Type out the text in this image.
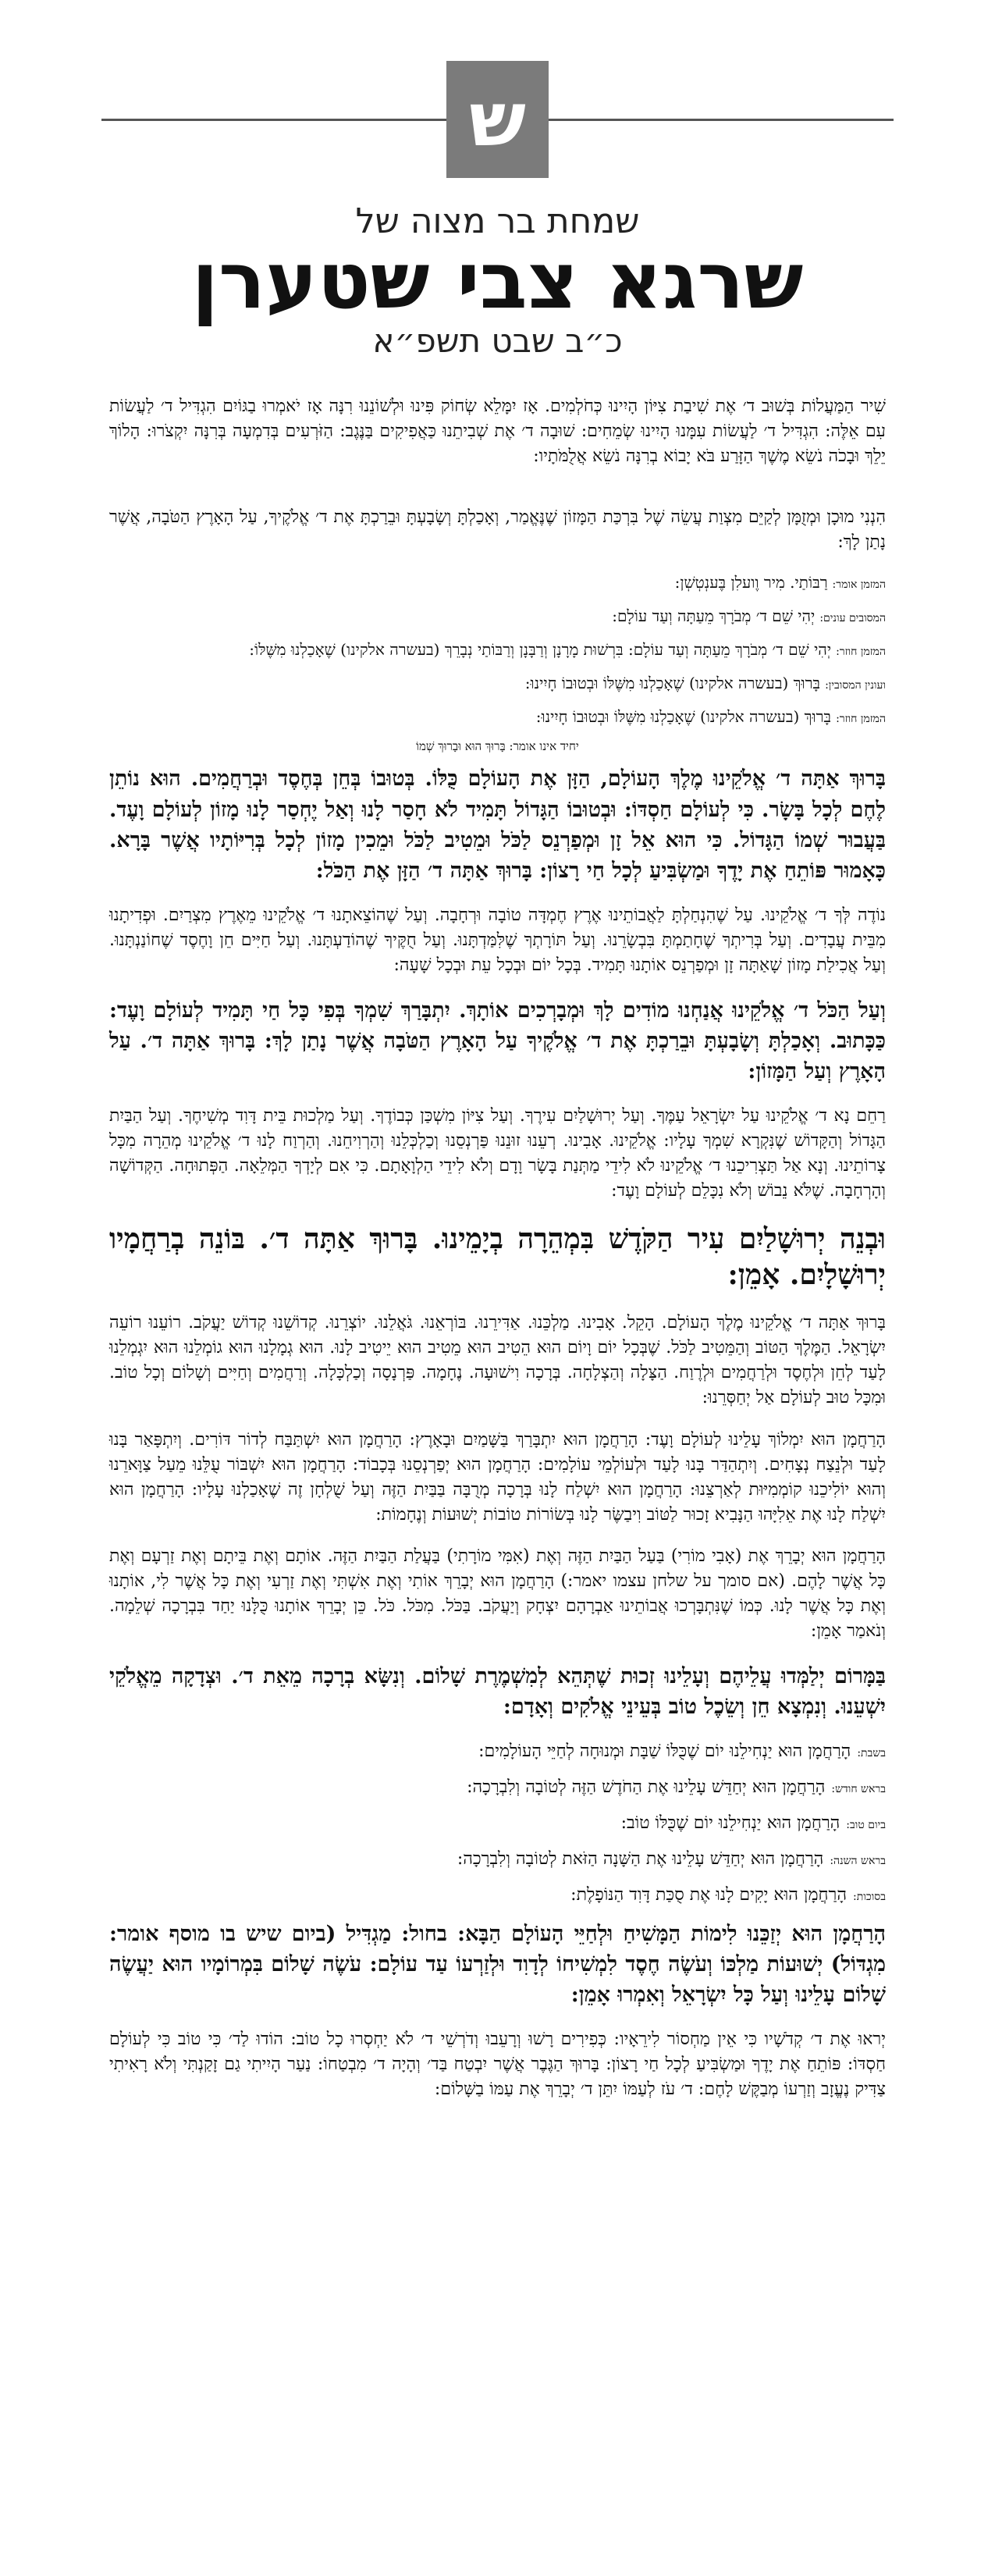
ש
שמחת בר מצוה של
שרגא צבי שטערן
כ״ב שבט תשפ״א

שִׁיר הַמַּעֲלוֹת בְּשׁוּב ד׳ אֶת שִׁיבַת צִיּוֹן הָיִינוּ כְּחֹלְמִים. אָז יִמָּלֵא שְׂחוֹק פִּינוּ וּלְשׁוֹנֵנוּ רִנָּה אָז יֹאמְרוּ בַגּוֹיִם הִגְדִּיל ד׳ לַעֲשׂוֹת עִם אֵלֶּה: הִגְדִּיל ד׳ לַעֲשׂוֹת עִמָּנוּ הָיִינוּ שְׂמֵחִים: שׁוּבָה ד׳ אֶת שְׁבִיתֵנוּ כַּאֲפִיקִים בַּנֶּגֶב: הַזֹּרְעִים בְּדִמְעָה בְּרִנָּה יִקְצֹרוּ: הָלוֹךְ יֵלֵךְ וּבָכֹה נֹשֵׂא מֶשֶׁךְ הַזָּרַע בֹּא יָבוֹא בְרִנָּה נֹשֵׂא אֲלֻמֹּתָיו:

הִנְנִי מוּכָן וּמְזֻמָּן לְקַיֵּם מִצְוַת עֲשֵׂה שֶׁל בִּרְכַּת הַמָּזוֹן שֶׁנֶּאֱמַר, וְאָכַלְתָּ וְשָׂבָעְתָּ וּבֵרַכְתָּ אֶת ד׳ אֱלֹקֶיךָ, עַל הָאָרֶץ הַטֹּבָה, אֲשֶׁר נָתַן לָךְ:

המזמן אומר:רַבּוֹתַי. מִיר וֶועלִן בֶּענְטְשְׁן:
המסובים עונים:יְהִי שֵׁם ד׳ מְבֹרָךְ מֵעַתָּה וְעַד עוֹלָם:
המזמן חוזר:יְהִי שֵׁם ד׳ מְבֹרָךְ מֵעַתָּה וְעַד עוֹלָם: בִּרְשׁוּת מָרָנָן וְרַבָּנָן וְרַבּוֹתַי נְבָרֵךְ (בעשרה אלקינו) שֶׁאָכַלְנוּ מִשֶּׁלּוֹ:
ועונין המסובין:בָּרוּךְ (בעשרה אלקינו) שֶׁאָכַלְנוּ מִשֶּׁלּוֹ וּבְטוּבוֹ חָיִינוּ:
המזמן חוזר:בָּרוּךְ (בעשרה אלקינו) שֶׁאָכַלְנוּ מִשֶּׁלּוֹ וּבְטוּבוֹ חָיִינוּ:
יחיד אינו אומר: בָּרוּךְ הוּא וּבָרוּךְ שְׁמוֹ

בָּרוּךְ אַתָּה ד׳ אֱלֹקֵינוּ מֶלֶךְ הָעוֹלָם, הַזָּן אֶת הָעוֹלָם כֻּלּוֹ. בְּטוּבוֹ בְּחֵן בְּחֶסֶד וּבְרַחֲמִים. הוּא נוֹתֵן לֶחֶם לְכָל בָּשָׂר. כִּי לְעוֹלָם חַסְדּוֹ: וּבְטוּבוֹ הַגָּדוֹל תָּמִיד לֹא חָסַר לָנוּ וְאַל יֶחְסַר לָנוּ מָזוֹן לְעוֹלָם וָעֶד. בַּעֲבוּר שְׁמוֹ הַגָּדוֹל. כִּי הוּא אֵל זָן וּמְפַרְנֵס לַכֹּל וּמֵטִיב לַכֹּל וּמֵכִין מָזוֹן לְכָל בְּרִיּוֹתָיו אֲשֶׁר בָּרָא. כָּאָמוּר פּוֹתֵחַ אֶת יָדֶךָ וּמַשְׂבִּיעַ לְכָל חַי רָצוֹן: בָּרוּךְ אַתָּה ד׳ הַזָּן אֶת הַכֹּל:

נוֹדֶה לְּךָ ד׳ אֱלֹקֵינוּ. עַל שֶׁהִנְחַלְתָּ לַאֲבוֹתֵינוּ אֶרֶץ חֶמְדָּה טוֹבָה וּרְחָבָה. וְעַל שֶׁהוֹצֵאתָנוּ ד׳ אֱלֹקֵינוּ מֵאֶרֶץ מִצְרַיִם. וּפְדִיתָנוּ מִבֵּית עֲבָדִים. וְעַל בְּרִיתְךָ שֶׁחָתַמְתָּ בִּבְשָׂרֵנוּ. וְעַל תּוֹרָתְךָ שֶׁלִּמַּדְתָּנוּ. וְעַל חֻקֶּיךָ שֶׁהוֹדַעְתָּנוּ. וְעַל חַיִּים חֵן וָחֶסֶד שֶׁחוֹנַנְתָּנוּ. וְעַל אֲכִילַת מָזוֹן שָׁאַתָּה זָן וּמְפַרְנֵס אוֹתָנוּ תָּמִיד. בְּכָל יוֹם וּבְכָל עֵת וּבְכָל שָׁעָה:

וְעַל הַכֹּל ד׳ אֱלֹקֵינוּ אֲנַחְנוּ מוֹדִים לָךְ וּמְבָרְכִים אוֹתָךְ. יִתְבָּרַךְ שִׁמְךָ בְּפִי כָּל חַי תָּמִיד לְעוֹלָם וָעֶד: כַּכָּתוּב. וְאָכַלְתָּ וְשָׂבָעְתָּ וּבֵרַכְתָּ אֶת ד׳ אֱלֹקֶיךָ עַל הָאָרֶץ הַטֹּבָה אֲשֶׁר נָתַן לָךְ: בָּרוּךְ אַתָּה ד׳. עַל הָאָרֶץ וְעַל הַמָּזוֹן:

רַחֵם נָא ד׳ אֱלֹקֵינוּ עַל יִשְׂרָאֵל עַמֶּךָ. וְעַל יְרוּשָׁלַיִם עִירֶךָ. וְעַל צִיּוֹן מִשְׁכַּן כְּבוֹדֶךָ. וְעַל מַלְכוּת בֵּית דָּוִד מְשִׁיחֶךָ. וְעַל הַבַּיִת הַגָּדוֹל וְהַקָּדוֹשׁ שֶׁנִּקְרָא שִׁמְךָ עָלָיו: אֱלֹקֵינוּ. אָבִינוּ. רְעֵנוּ זוּנֵנוּ פַּרְנְסֵנוּ וְכַלְכְּלֵנוּ וְהַרְוִיחֵנוּ. וְהַרְוַח לָנוּ ד׳ אֱלֹקֵינוּ מְהֵרָה מִכָּל צָרוֹתֵינוּ. וְנָא אַל תַּצְרִיכֵנוּ ד׳ אֱלֹקֵינוּ לֹא לִידֵי מַתְּנַת בָּשָׂר וָדָם וְלֹא לִידֵי הַלְוָאָתָם. כִּי אִם לְיָדְךָ הַמְּלֵאָה. הַפְּתוּחָה. הַקְּדוֹשָׁה וְהָרְחָבָה. שֶׁלֹּא נֵבוֹשׁ וְלֹא נִכָּלֵם לְעוֹלָם וָעֶד:

וּבְנֵה יְרוּשָׁלַיִם עִיר הַקֹּדֶשׁ בִּמְהֵרָה בְיָמֵינוּ. בָּרוּךְ אַתָּה ד׳. בּוֹנֵה בְרַחֲמָיו יְרוּשָׁלָיִם. אָמֵן:

בָּרוּךְ אַתָּה ד׳ אֱלֹקֵינוּ מֶלֶךְ הָעוֹלָם. הָקֵל. אָבִינוּ. מַלְכֵּנוּ. אַדִּירֵנוּ. בּוֹרְאֵנוּ. גֹּאֲלֵנוּ. יוֹצְרֵנוּ. קְדוֹשֵׁנוּ קְדוֹשׁ יַעֲקֹב. רוֹעֵנוּ רוֹעֵה יִשְׂרָאֵל. הַמֶּלֶךְ הַטּוֹב וְהַמֵּטִיב לַכֹּל. שֶׁבְּכָל יוֹם וָיוֹם הוּא הֵטִיב הוּא מֵטִיב הוּא יֵיטִיב לָנוּ. הוּא גְמָלָנוּ הוּא גוֹמְלֵנוּ הוּא יִגְמְלֵנוּ לָעַד לְחֵן וּלְחֶסֶד וּלְרַחֲמִים וּלְרֶוַח. הַצָּלָה וְהַצְלָחָה. בְּרָכָה וִישׁוּעָה. נֶחָמָה. פַּרְנָסָה וְכַלְכָּלָה. וְרַחֲמִים וְחַיִּים וְשָׁלוֹם וְכָל טוֹב. וּמִכָּל טוּב לְעוֹלָם אַל יְחַסְּרֵנוּ:

הָרַחֲמָן הוּא יִמְלוֹךְ עָלֵינוּ לְעוֹלָם וָעֶד: הָרַחֲמָן הוּא יִתְבָּרַךְ בַּשָּׁמַיִם וּבָאָרֶץ: הָרַחֲמָן הוּא יִשְׁתַּבַּח לְדוֹר דּוֹרִים. וְיִתְפָּאַר בָּנוּ לָעַד וּלְנֵצַח נְצָחִים. וְיִתְהַדַּר בָּנוּ לָעַד וּלְעוֹלְמֵי עוֹלָמִים: הָרַחֲמָן הוּא יְפַרְנְסֵנוּ בְּכָבוֹד: הָרַחֲמָן הוּא יִשְׁבּוֹר עֻלֵּנוּ מֵעַל צַוָּארֵנוּ וְהוּא יוֹלִיכֵנוּ קוֹמְמִיּוּת לְאַרְצֵנוּ: הָרַחֲמָן הוּא יִשְׁלַח לָנוּ בְּרָכָה מְרֻבָּה בַּבַּיִת הַזֶּה וְעַל שֻׁלְחָן זֶה שֶׁאָכַלְנוּ עָלָיו: הָרַחֲמָן הוּא יִשְׁלַח לָנוּ אֶת אֵלִיָּהוּ הַנָּבִיא זָכוּר לַטּוֹב וִיבַשֶּׂר לָנוּ בְּשׂוֹרוֹת טוֹבוֹת יְשׁוּעוֹת וְנֶחָמוֹת:

הָרַחֲמָן הוּא יְבָרֵךְ אֶת (אָבִי מוֹרִי) בַּעַל הַבַּיִת הַזֶּה וְאֶת (אִמִּי מוֹרָתִי) בַּעֲלַת הַבַּיִת הַזֶּה. אוֹתָם וְאֶת בֵּיתָם וְאֶת זַרְעָם וְאֶת כָּל אֲשֶׁר לָהֶם. (אם סומך על שלחן עצמו יאמר:) הָרַחֲמָן הוּא יְבָרֵךְ אוֹתִי וְאֶת אִשְׁתִּי וְאֶת זַרְעִי וְאֶת כָּל אֲשֶׁר לִי, אוֹתָנוּ וְאֶת כָּל אֲשֶׁר לָנוּ. כְּמוֹ שֶׁנִּתְבָּרְכוּ אֲבוֹתֵינוּ אַבְרָהָם יִצְחָק וְיַעֲקֹב. בַּכֹּל. מִכֹּל. כֹּל. כֵּן יְבָרֵךְ אוֹתָנוּ כֻּלָּנוּ יַחַד בִּבְרָכָה שְׁלֵמָה. וְנֹאמַר אָמֵן:

בַּמָּרוֹם יְלַמְּדוּ עֲלֵיהֶם וְעָלֵינוּ זְכוּת שֶׁתְּהֵא לְמִשְׁמֶרֶת שָׁלוֹם. וְנִשָּׂא בְרָכָה מֵאֵת ד׳. וּצְדָקָה מֵאֱלֹקֵי יִשְׁעֵנוּ. וְנִמְצָא חֵן וְשֵׂכֶל טוֹב בְּעֵינֵי אֱלֹקִים וְאָדָם:

בשבת:הָרַחֲמָן הוּא יַנְחִילֵנוּ יוֹם שֶׁכֻּלּוֹ שַׁבָּת וּמְנוּחָה לְחַיֵּי הָעוֹלָמִים:
בראש חודש:הָרַחֲמָן הוּא יְחַדֵּשׁ עָלֵינוּ אֶת הַחֹדֶשׁ הַזֶּה לְטוֹבָה וְלִבְרָכָה:
ביום טוב:הָרַחֲמָן הוּא יַנְחִילֵנוּ יוֹם שֶׁכֻּלּוֹ טוֹב:
בראש השנה:הָרַחֲמָן הוּא יְחַדֵּשׁ עָלֵינוּ אֶת הַשָּׁנָה הַזֹּאת לְטוֹבָה וְלִבְרָכָה:
בסוכות:הָרַחֲמָן הוּא יָקִים לָנוּ אֶת סֻכַּת דָּוִד הַנּוֹפָלֶת:

הָרַחֲמָן הוּא יְזַכֵּנוּ לִימוֹת הַמָּשִׁיחַ וּלְחַיֵּי הָעוֹלָם הַבָּא: בחול: מַגְדִּיל (ביום שיש בו מוסף אומר: מִגְדּוֹל) יְשׁוּעוֹת מַלְכּוֹ וְעֹשֶׂה חֶסֶד לִמְשִׁיחוֹ לְדָוִד וּלְזַרְעוֹ עַד עוֹלָם: עֹשֶׂה שָׁלוֹם בִּמְרוֹמָיו הוּא יַעֲשֶׂה שָׁלוֹם עָלֵינוּ וְעַל כָּל יִשְׂרָאֵל וְאִמְרוּ אָמֵן:

יְראוּ אֶת ד׳ קְדֹשָׁיו כִּי אֵין מַחְסוֹר לִירֵאָיו: כְּפִירִים רָשׁוּ וְרָעֵבוּ וְדֹרְשֵׁי ד׳ לֹא יַחְסְרוּ כָל טוֹב: הוֹדוּ לַד׳ כִּי טוֹב כִּי לְעוֹלָם חַסְדּוֹ: פּוֹתֵחַ אֶת יָדֶךָ וּמַשְׂבִּיעַ לְכָל חַי רָצוֹן: בָּרוּךְ הַגֶּבֶר אֲשֶׁר יִבְטַח בַּד׳ וְהָיָה ד׳ מִבְטַחוֹ: נַעַר הָיִיתִי גַם זָקַנְתִּי וְלֹא רָאִיתִי צַדִּיק נֶעֱזָב וְזַרְעוֹ מְבַקֶּשׁ לָחֶם: ד׳ עֹז לְעַמּוֹ יִתֵּן ד׳ יְבָרֵךְ אֶת עַמּוֹ בַשָּׁלוֹם:
